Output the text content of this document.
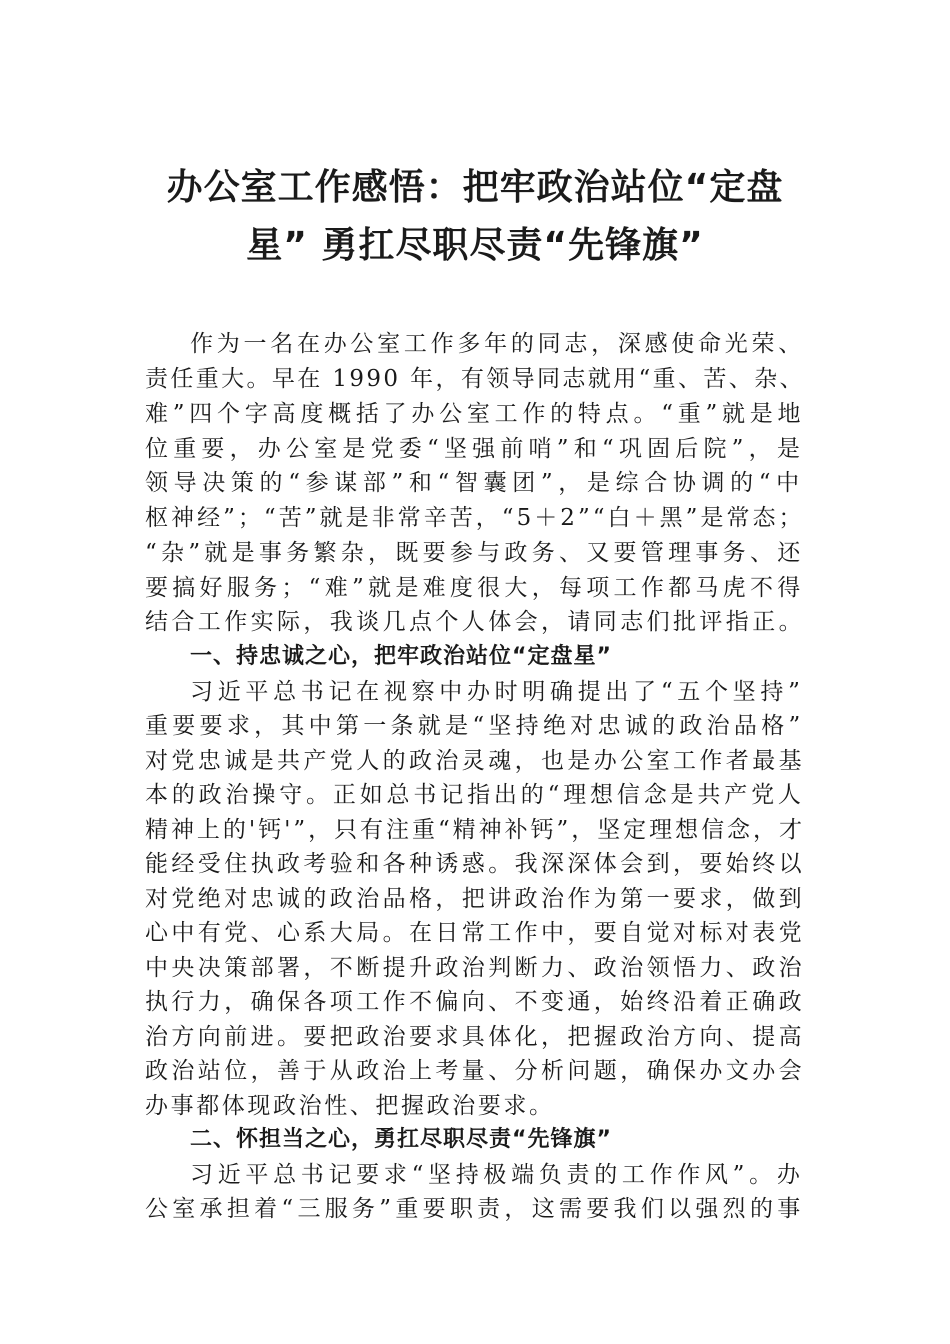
办公室工作感悟：把牢政治站位“定盘
星” 勇扛尽职尽责“先锋旗”

作为一名在办公室工作多年的同志，深感使命光荣、

责任重大。早在 1990 年，有领导同志就用“重、苦、杂、

难”四个字高度概括了办公室工作的特点。“重”就是地

位重要，办公室是党委“坚强前哨”和“巩固后院”，是

领导决策的“参谋部”和“智囊团”，是综合协调的“中

枢神经”；“苦”就是非常辛苦，“5＋2”“白＋黑”是常态；

“杂”就是事务繁杂，既要参与政务、又要管理事务、还

要搞好服务；“难”就是难度很大，每项工作都马虎不得

结合工作实际，我谈几点个人体会，请同志们批评指正。

一、持忠诚之心，把牢政治站位“定盘星”

习近平总书记在视察中办时明确提出了“五个坚持”

重要要求，其中第一条就是“坚持绝对忠诚的政治品格”

对党忠诚是共产党人的政治灵魂，也是办公室工作者最基

本的政治操守。正如总书记指出的“理想信念是共产党人

精神上的'钙'”，只有注重“精神补钙”，坚定理想信念，才

能经受住执政考验和各种诱惑。我深深体会到，要始终以

对党绝对忠诚的政治品格，把讲政治作为第一要求，做到

心中有党、心系大局。在日常工作中，要自觉对标对表党

中央决策部署，不断提升政治判断力、政治领悟力、政治

执行力，确保各项工作不偏向、不变通，始终沿着正确政

治方向前进。要把政治要求具体化，把握政治方向、提高

政治站位，善于从政治上考量、分析问题，确保办文办会

办事都体现政治性、把握政治要求。

二、怀担当之心，勇扛尽职尽责“先锋旗”

习近平总书记要求“坚持极端负责的工作作风”。办

公室承担着“三服务”重要职责，这需要我们以强烈的事
